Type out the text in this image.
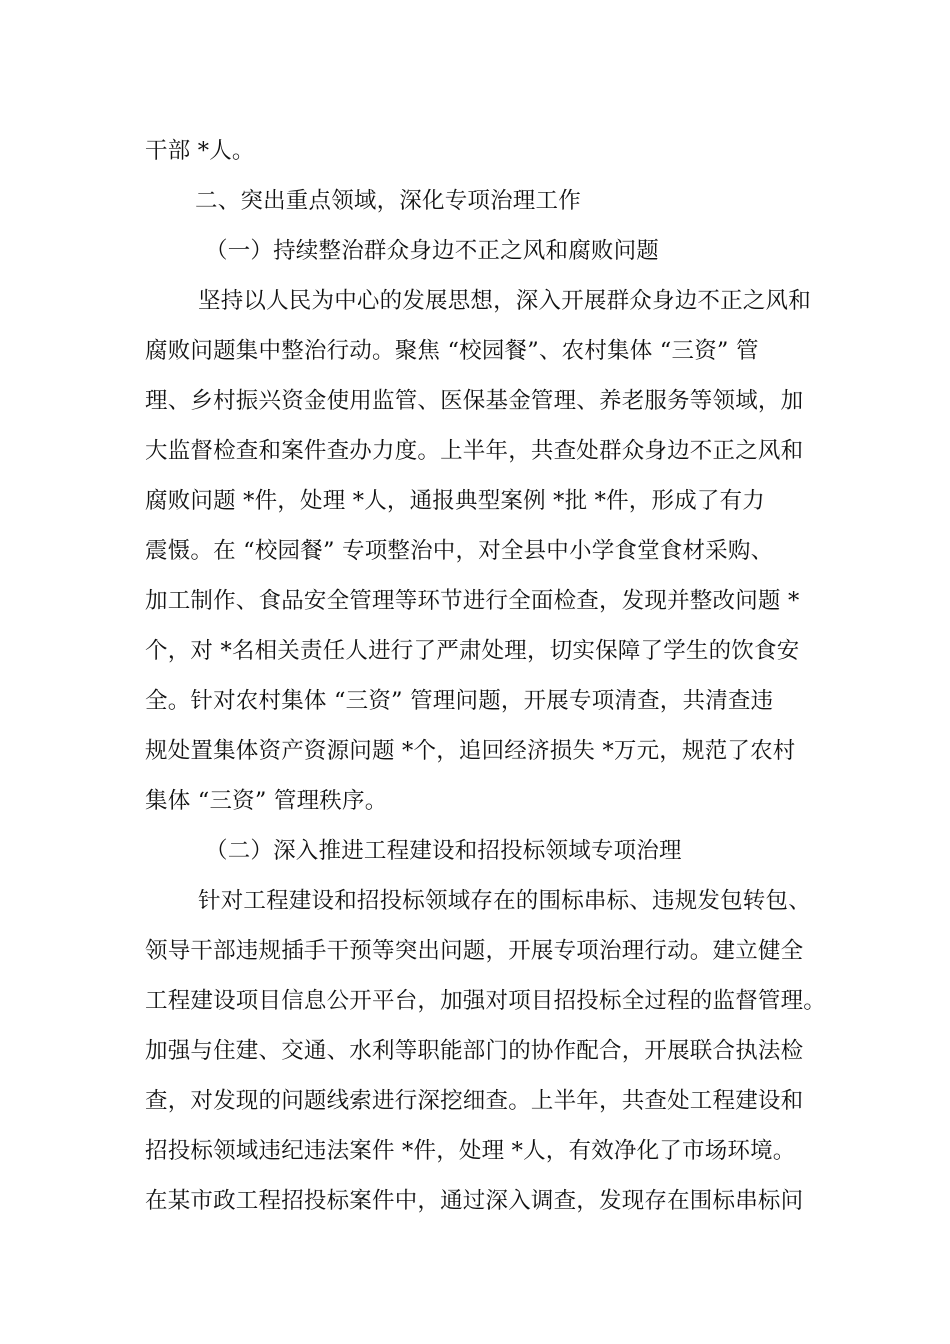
干部 *人。
二、突出重点领域，深化专项治理工作
（一）持续整治群众身边不正之风和腐败问题
坚持以人民为中心的发展思想，深入开展群众身边不正之风和
腐败问题集中整治行动。聚焦 “校园餐”、农村集体 “三资” 管
理、乡村振兴资金使用监管、医保基金管理、养老服务等领域，加
大监督检查和案件查办力度。上半年，共查处群众身边不正之风和
腐败问题 *件，处理 *人，通报典型案例 *批 *件，形成了有力
震慑。在 “校园餐” 专项整治中，对全县中小学食堂食材采购、
加工制作、食品安全管理等环节进行全面检查，发现并整改问题 *
个，对 *名相关责任人进行了严肃处理，切实保障了学生的饮食安
全。针对农村集体 “三资” 管理问题，开展专项清查，共清查违
规处置集体资产资源问题 *个，追回经济损失 *万元，规范了农村
集体 “三资” 管理秩序。
（二）深入推进工程建设和招投标领域专项治理
针对工程建设和招投标领域存在的围标串标、违规发包转包、
领导干部违规插手干预等突出问题，开展专项治理行动。建立健全
工程建设项目信息公开平台，加强对项目招投标全过程的监督管理。
加强与住建、交通、水利等职能部门的协作配合，开展联合执法检
查，对发现的问题线索进行深挖细查。上半年，共查处工程建设和
招投标领域违纪违法案件 *件，处理 *人，有效净化了市场环境。
在某市政工程招投标案件中，通过深入调查，发现存在围标串标问
